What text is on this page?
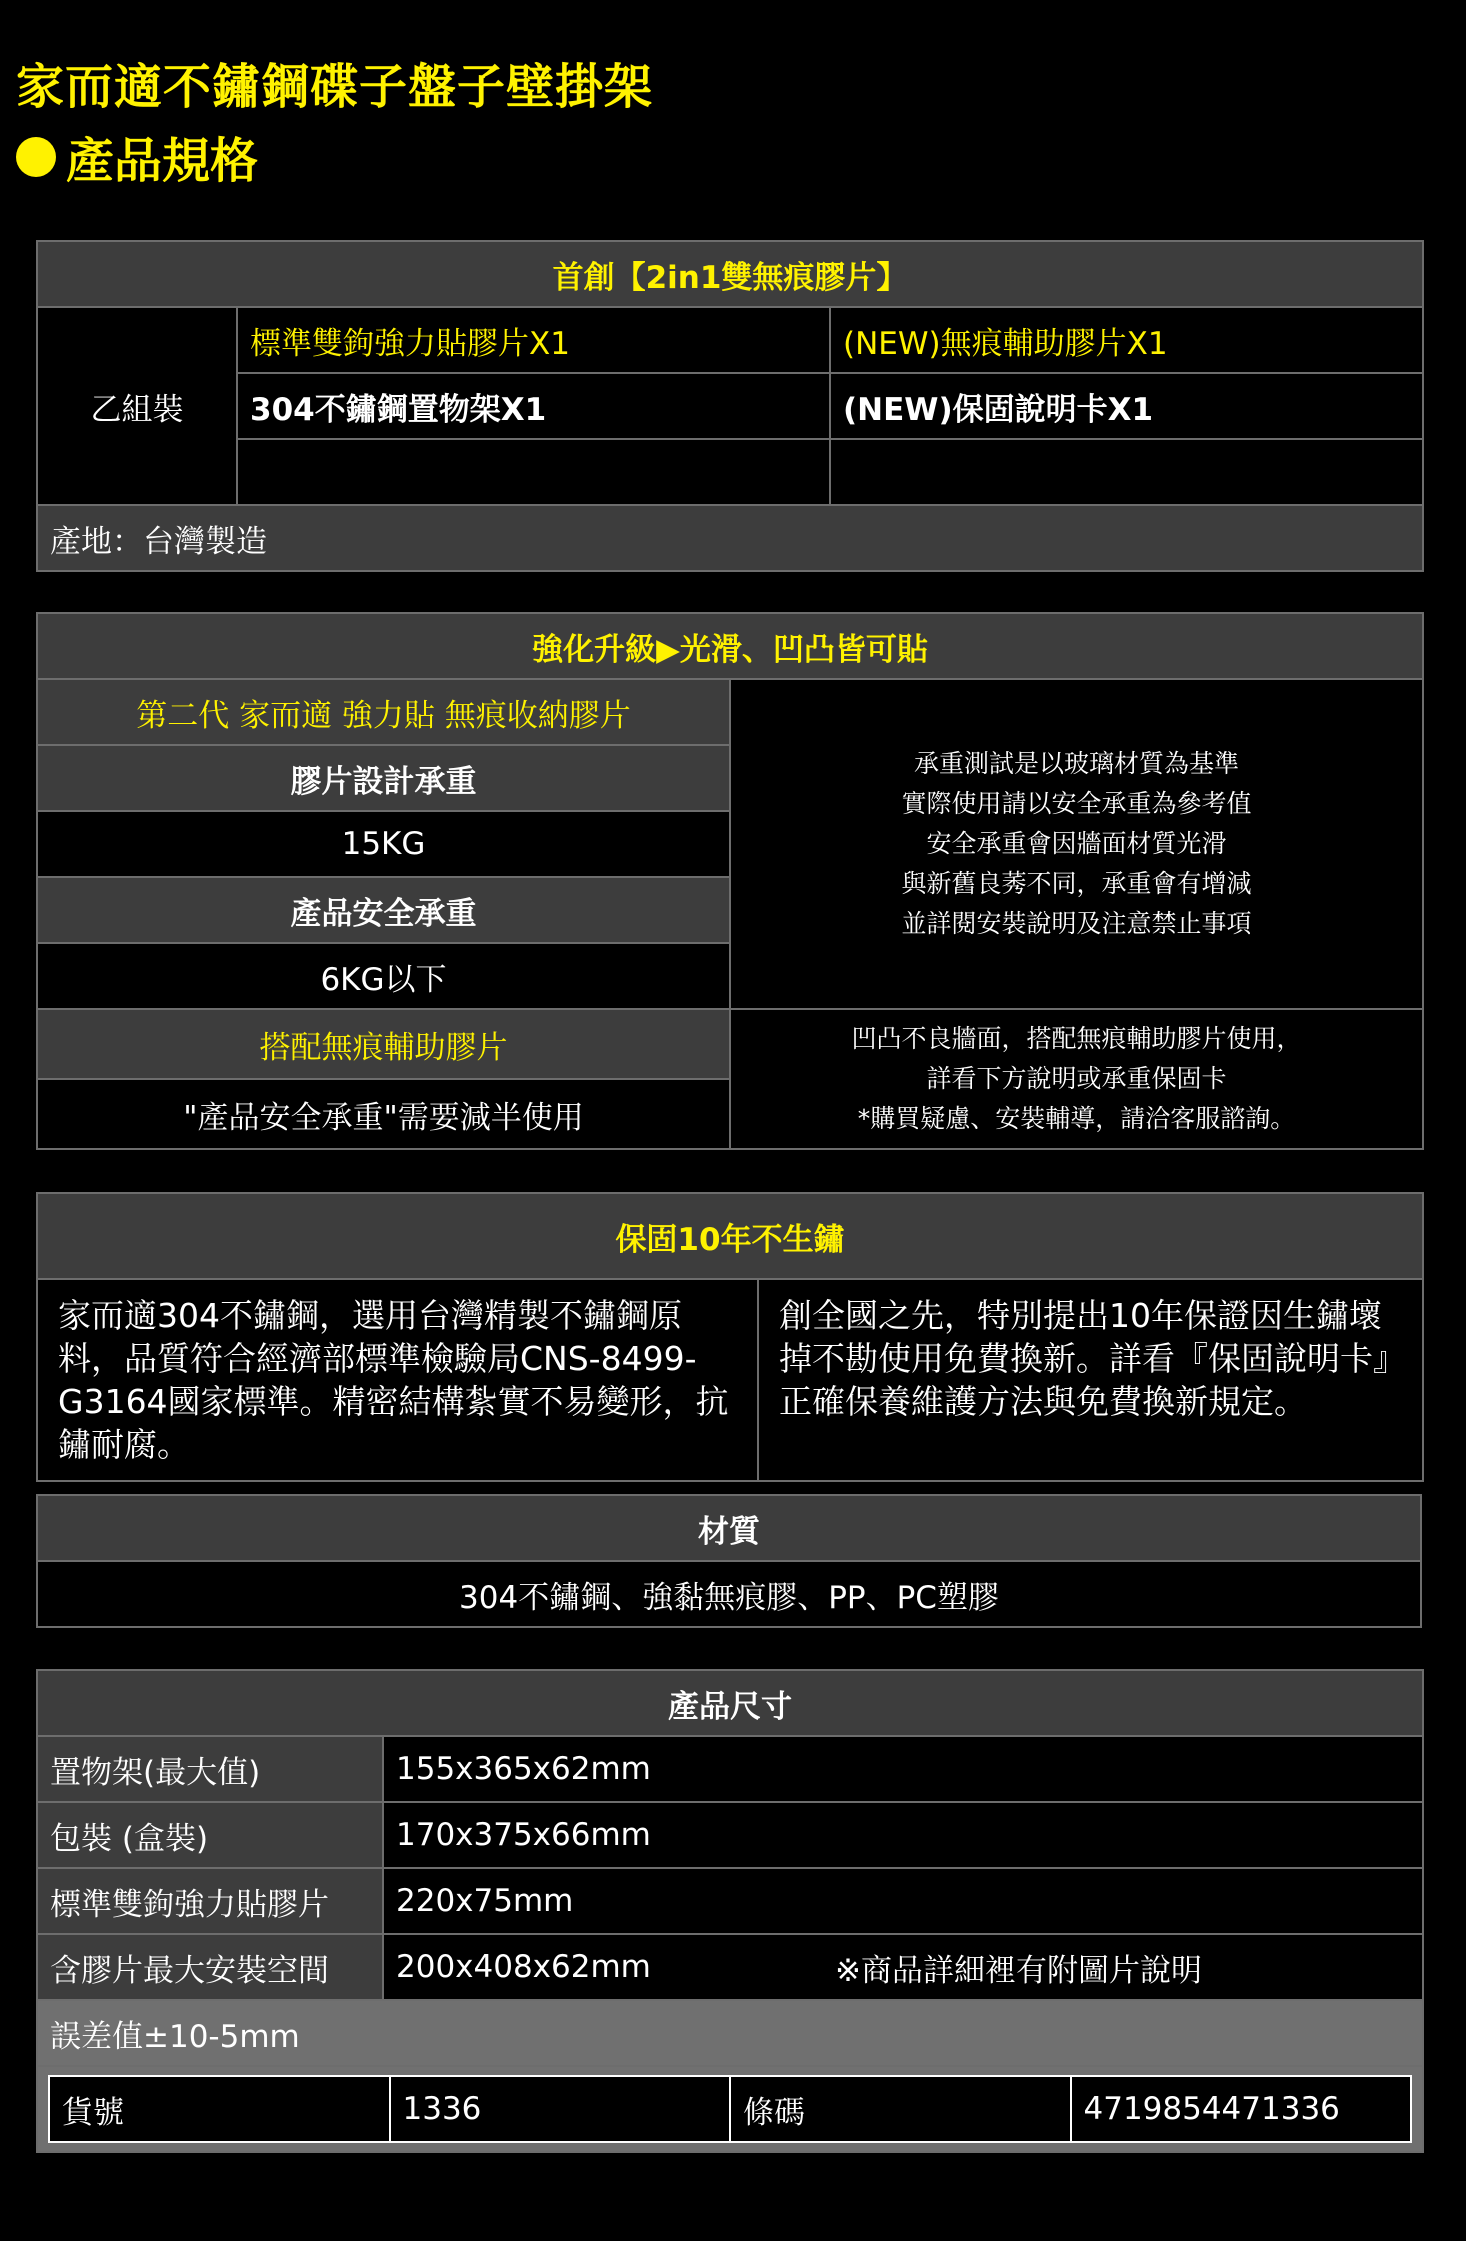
家而適不鏽鋼碟子盤子壁掛架
產品規格
首創【2in1雙無痕膠片】		
乙組裝	標準雙鉤強力貼膠片X1	(NEW)無痕輔助膠片X1
	304不鏽鋼置物架X1	(NEW)保固說明卡X1

產地：台灣製造		
強化升級▶光滑、凹凸皆可貼	
第二代 家而適 強力貼 無痕收納膠片	承重測試是以玻璃材質為基準
實際使用請以安全承重為參考值
安全承重會因牆面材質光滑
與新舊良莠不同，承重會有增減
並詳閱安裝說明及注意禁止事項

膠片設計承重	
15KG	
產品安全承重	
6KG以下	
搭配無痕輔助膠片	凹凸不良牆面，搭配無痕輔助膠片使用，
詳看下方說明或承重保固卡
*購買疑慮、安裝輔導，請洽客服諮詢。

"產品安全承重"需要減半使用	
保固10年不生鏽
家而適304不鏽鋼，選用台灣精製不鏽鋼原料，品質符合經濟部標準檢驗局CNS-8499-G3164國家標準。精密結構紮實不易變形，抗鏽耐腐。	創全國之先，特別提出10年保證因生鏽壞掉不勘使用免費換新。詳看『保固說明卡』正確保養維護方法與免費換新規定。
材質
304不鏽鋼、強黏無痕膠、PP、PC塑膠
產品尺寸
置物架(最大值)	155x365x62mm
包裝 (盒裝)	170x375x66mm
標準雙鉤強力貼膠片	220x75mm
含膠片最大安裝空間	200x408x62mm	※商品詳細裡有附圖片說明
誤差值±10-5mm

貨號	1336	條碼	4719854471336
